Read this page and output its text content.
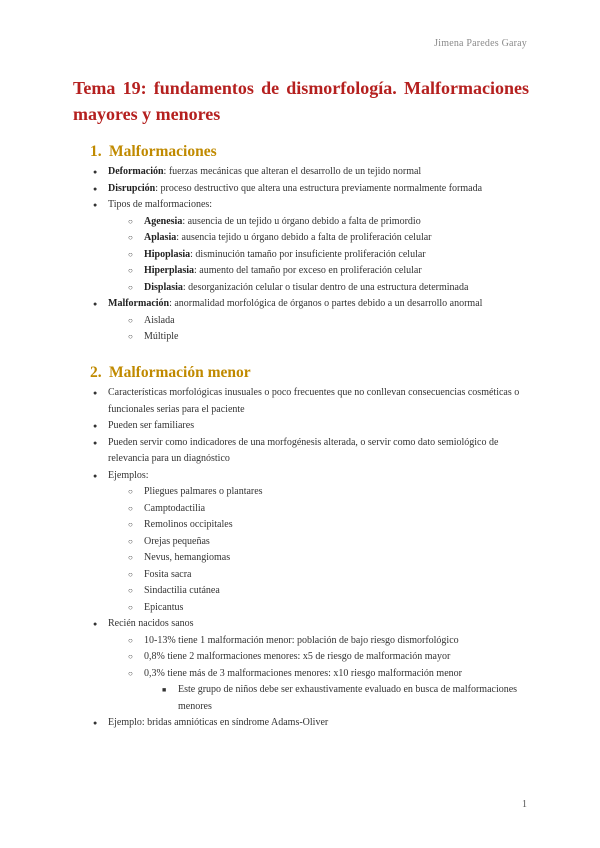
Jimena Paredes Garay
Tema 19: fundamentos de dismorfología. Malformaciones mayores y menores
1. Malformaciones
● Deformación: fuerzas mecánicas que alteran el desarrollo de un tejido normal
● Disrupción: proceso destructivo que altera una estructura previamente normalmente formada
● Tipos de malformaciones:
○ Agenesia: ausencia de un tejido u órgano debido a falta de primordio
○ Aplasia: ausencia tejido u órgano debido a falta de proliferación celular
○ Hipoplasia: disminución tamaño por insuficiente proliferación celular
○ Hiperplasia: aumento del tamaño por exceso en proliferación celular
○ Displasia: desorganización celular o tisular dentro de una estructura determinada
● Malformación: anormalidad morfológica de órganos o partes debido a un desarrollo anormal
○ Aislada
○ Múltiple
2. Malformación menor
● Características morfológicas inusuales o poco frecuentes que no conllevan consecuencias cosméticas o funcionales serias para el paciente
● Pueden ser familiares
● Pueden servir como indicadores de una morfogénesis alterada, o servir como dato semiológico de relevancia para un diagnóstico
● Ejemplos:
○ Pliegues palmares o plantares
○ Camptodactilia
○ Remolinos occipitales
○ Orejas pequeñas
○ Nevus, hemangiomas
○ Fosita sacra
○ Sindactilia cutánea
○ Epicantus
● Recién nacidos sanos
○ 10-13% tiene 1 malformación menor: población de bajo riesgo dismorfológico
○ 0,8% tiene 2 malformaciones menores: x5 de riesgo de malformación mayor
○ 0,3% tiene más de 3 malformaciones menores: x10 riesgo malformación menor
■ Este grupo de niños debe ser exhaustivamente evaluado en busca de malformaciones menores
● Ejemplo: bridas amnióticas en síndrome Adams-Oliver
1
